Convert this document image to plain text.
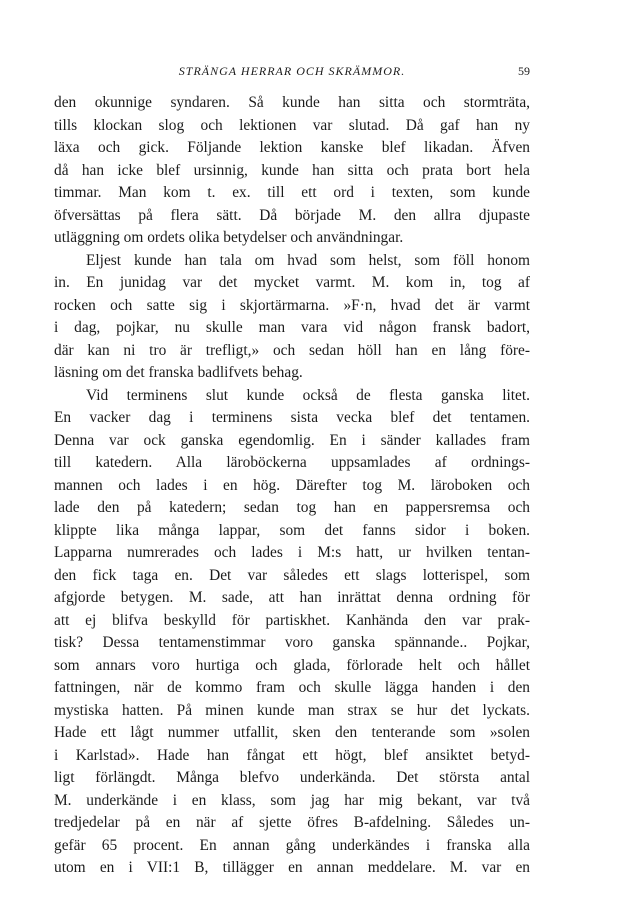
STRÄNGA HERRAR OCH SKRÄMMOR.	59
den okunnige syndaren. Så kunde han sitta och stormträta,
tills klockan slog och lektionen var slutad. Då gaf han ny
läxa och gick. Följande lektion kanske blef likadan. Äfven
då han icke blef ursinnig, kunde han sitta och prata bort hela
timmar. Man kom t. ex. till ett ord i texten, som kunde
öfversättas på flera sätt. Då började M. den allra djupaste
utläggning om ordets olika betydelser och användningar.
Eljest kunde han tala om hvad som helst, som föll honom
in. En junidag var det mycket varmt. M. kom in, tog af
rocken och satte sig i skjortärmarna. »F·n, hvad det är varmt
i dag, pojkar, nu skulle man vara vid någon fransk badort,
där kan ni tro är trefligt,» och sedan höll han en lång före-
läsning om det franska badlifvets behag.
Vid terminens slut kunde också de flesta ganska litet.
En vacker dag i terminens sista vecka blef det tentamen.
Denna var ock ganska egendomlig. En i sänder kallades fram
till katedern. Alla läroböckerna uppsamlades af ordnings-
mannen och lades i en hög. Därefter tog M. läroboken och
lade den på katedern; sedan tog han en pappersremsa och
klippte lika många lappar, som det fanns sidor i boken.
Lapparna numrerades och lades i M:s hatt, ur hvilken tentan-
den fick taga en. Det var således ett slags lotterispel, som
afgjorde betygen. M. sade, att han inrättat denna ordning för
att ej blifva beskylld för partiskhet. Kanhända den var prak-
tisk? Dessa tentamenstimmar voro ganska spännande.. Pojkar,
som annars voro hurtiga och glada, förlorade helt och hållet
fattningen, när de kommo fram och skulle lägga handen i den
mystiska hatten. På minen kunde man strax se hur det lyckats.
Hade ett lågt nummer utfallit, sken den tenterande som »solen
i Karlstad». Hade han fångat ett högt, blef ansiktet betyd-
ligt förlängdt. Många blefvo underkända. Det största antal
M. underkände i en klass, som jag har mig bekant, var två
tredjedelar på en när af sjette öfres B-afdelning. Således un-
gefär 65 procent. En annan gång underkändes i franska alla
utom en i VII:1 B, tillägger en annan meddelare. M. var en
